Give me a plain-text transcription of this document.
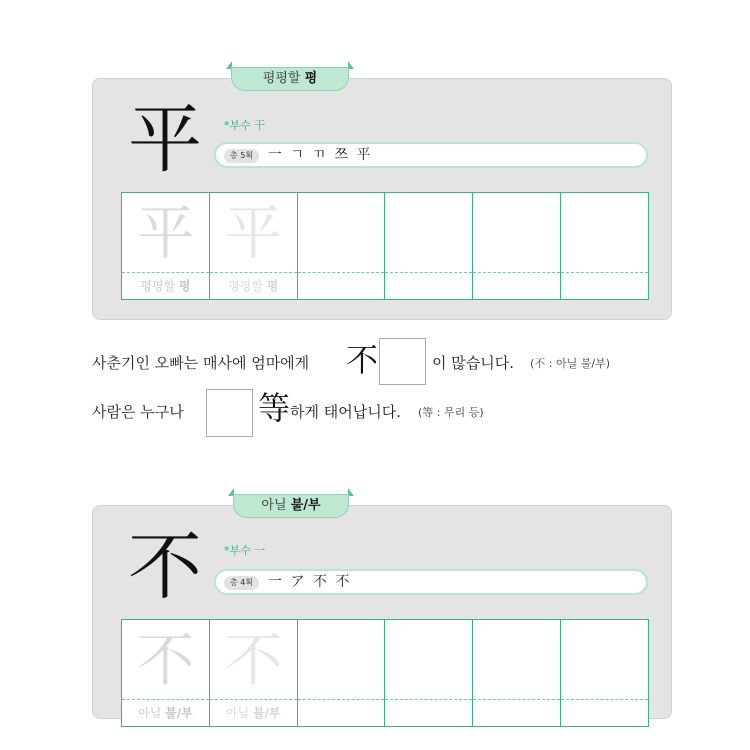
평평할 평
平 *부수 干
총 5획	一 ㄱ ㄲ 쯔 平
平
평평할 평
平
평평할 평
사춘기인 오빠는 매사에 엄마에게 不	이 많습니다. (不 : 아닐 불/부)
사람은 누구나 等 하게 태어납니다. (等 : 무리 등)
아닐 불/부
不 *부수 一
총 4획	一 ア 不 不
不
아닐 불/부
不
아닐 불/부
